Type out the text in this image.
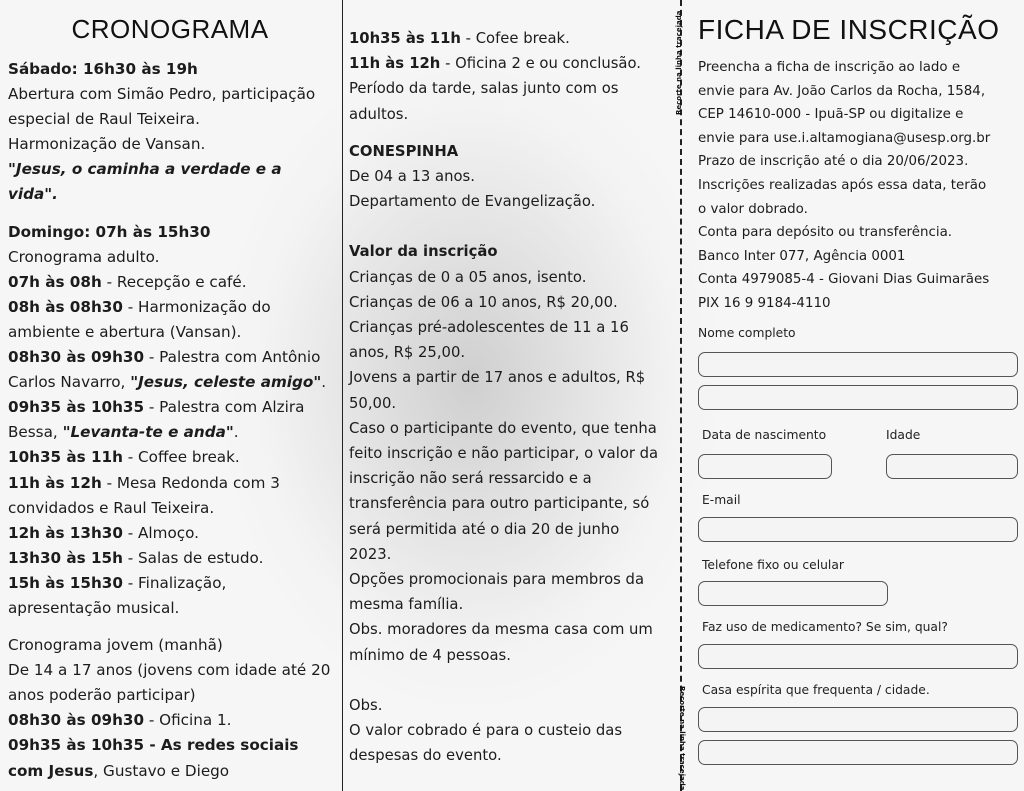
Recorte na linha tracejada
Recorte na linha tracejada
CRONOGRAMA

Sábado: 16h30 às 19h

Abertura com Simão Pedro, participação

especial de Raul Teixeira.

Harmonização de Vansan.

"Jesus, o caminha a verdade e a vida".

Domingo: 07h às 15h30

Cronograma adulto.

07h às 08h - Recepção e café.

08h às 08h30 - Harmonização do ambiente e abertura (Vansan).

08h30 às 09h30 - Palestra com Antônio Carlos Navarro, "Jesus, celeste amigo".

09h35 às 10h35 - Palestra com Alzira Bessa, "Levanta-te e anda".

10h35 às 11h - Coffee break.

11h às 12h - Mesa Redonda com 3 convidados e Raul Teixeira.

12h às 13h30 - Almoço.

13h30 às 15h - Salas de estudo.

15h às 15h30 - Finalização, apresentação musical.

Cronograma jovem (manhã)

De 14 a 17 anos (jovens com idade até 20 anos poderão participar)

08h30 às 09h30 - Oficina 1.

09h35 às 10h35 - As redes sociais com Jesus, Gustavo e Diego

10h35 às 11h - Cofee break.

11h às 12h - Oficina 2 e ou conclusão.

Período da tarde, salas junto com os adultos.

CONESPINHA

De 04 a 13 anos.

Departamento de Evangelização.

Valor da inscrição

Crianças de 0 a 05 anos, isento.

Crianças de 06 a 10 anos, R$ 20,00.

Crianças pré-adolescentes de 11 a 16 anos, R$ 25,00.

Jovens a partir de 17 anos e adultos, R$ 50,00.

Caso o participante do evento, que tenha feito inscrição e não participar, o valor da inscrição não será ressarcido e a transferência para outro participante, só será permitida até o dia 20 de junho 2023.

Opções promocionais para membros da mesma família.

Obs. moradores da mesma casa com um mínimo de 4 pessoas.

Obs.

O valor cobrado é para o custeio das despesas do evento.

FICHA DE INSCRIÇÃO

Preencha a ficha de inscrição ao lado e

envie para Av. João Carlos da Rocha, 1584,

CEP 14610-000 - Ipuã-SP ou digitalize e

envie para use.i.altamogiana@usesp.org.br

Prazo de inscrição até o dia 20/06/2023.

Inscrições realizadas após essa data, terão

o valor dobrado.

Conta para depósito ou transferência.

Banco Inter 077, Agência 0001

Conta 4979085-4 - Giovani Dias Guimarães

PIX 16 9 9184-4110

Nome completo

Data de nascimento	Idade

E-mail

Telefone fixo ou celular

Faz uso de medicamento? Se sim, qual?

Casa espírita que frequenta / cidade.
